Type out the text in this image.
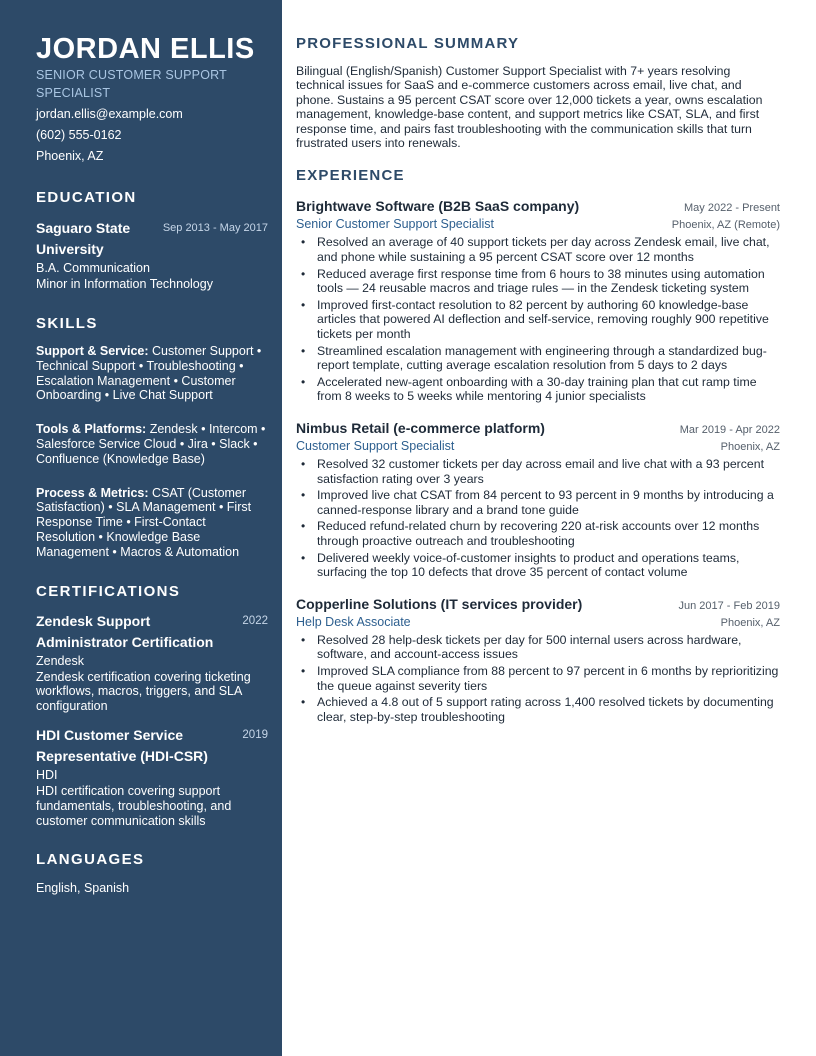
JORDAN ELLIS
SENIOR CUSTOMER SUPPORT SPECIALIST
jordan.ellis@example.com
(602) 555-0162
Phoenix, AZ
EDUCATION
Saguaro State University
Sep 2013 - May 2017
B.A. Communication
Minor in Information Technology
SKILLS
Support & Service: Customer Support • Technical Support • Troubleshooting • Escalation Management • Customer Onboarding • Live Chat Support
Tools & Platforms: Zendesk • Intercom • Salesforce Service Cloud • Jira • Slack • Confluence (Knowledge Base)
Process & Metrics: CSAT (Customer Satisfaction) • SLA Management • First Response Time • First-Contact Resolution • Knowledge Base Management • Macros & Automation
CERTIFICATIONS
Zendesk Support Administrator Certification
2022
Zendesk
Zendesk certification covering ticketing workflows, macros, triggers, and SLA configuration
HDI Customer Service Representative (HDI-CSR)
2019
HDI
HDI certification covering support fundamentals, troubleshooting, and customer communication skills
LANGUAGES
English, Spanish
PROFESSIONAL SUMMARY

Bilingual (English/Spanish) Customer Support Specialist with 7+ years resolving technical issues for SaaS and e-commerce customers across email, live chat, and phone. Sustains a 95 percent CSAT score over 12,000 tickets a year, owns escalation management, knowledge-base content, and support metrics like CSAT, SLA, and first response time, and pairs fast troubleshooting with the communication skills that turn frustrated users into renewals.

EXPERIENCE
Brightwave Software (B2B SaaS company)	May 2022 - Present
Senior Customer Support Specialist	Phoenix, AZ (Remote)
• Resolved an average of 40 support tickets per day across Zendesk email, live chat, and phone while sustaining a 95 percent CSAT score over 12 months
• Reduced average first response time from 6 hours to 38 minutes using automation tools — 24 reusable macros and triage rules — in the Zendesk ticketing system
• Improved first-contact resolution to 82 percent by authoring 60 knowledge-base articles that powered AI deflection and self-service, removing roughly 900 repetitive tickets per month
• Streamlined escalation management with engineering through a standardized bug-report template, cutting average escalation resolution from 5 days to 2 days
• Accelerated new-agent onboarding with a 30-day training plan that cut ramp time from 8 weeks to 5 weeks while mentoring 4 junior specialists
Nimbus Retail (e-commerce platform)	Mar 2019 - Apr 2022
Customer Support Specialist	Phoenix, AZ
• Resolved 32 customer tickets per day across email and live chat with a 93 percent satisfaction rating over 3 years
• Improved live chat CSAT from 84 percent to 93 percent in 9 months by introducing a canned-response library and a brand tone guide
• Reduced refund-related churn by recovering 220 at-risk accounts over 12 months through proactive outreach and troubleshooting
• Delivered weekly voice-of-customer insights to product and operations teams, surfacing the top 10 defects that drove 35 percent of contact volume
Copperline Solutions (IT services provider)	Jun 2017 - Feb 2019
Help Desk Associate	Phoenix, AZ
• Resolved 28 help-desk tickets per day for 500 internal users across hardware, software, and account-access issues
• Improved SLA compliance from 88 percent to 97 percent in 6 months by reprioritizing the queue against severity tiers
• Achieved a 4.8 out of 5 support rating across 1,400 resolved tickets by documenting clear, step-by-step troubleshooting
